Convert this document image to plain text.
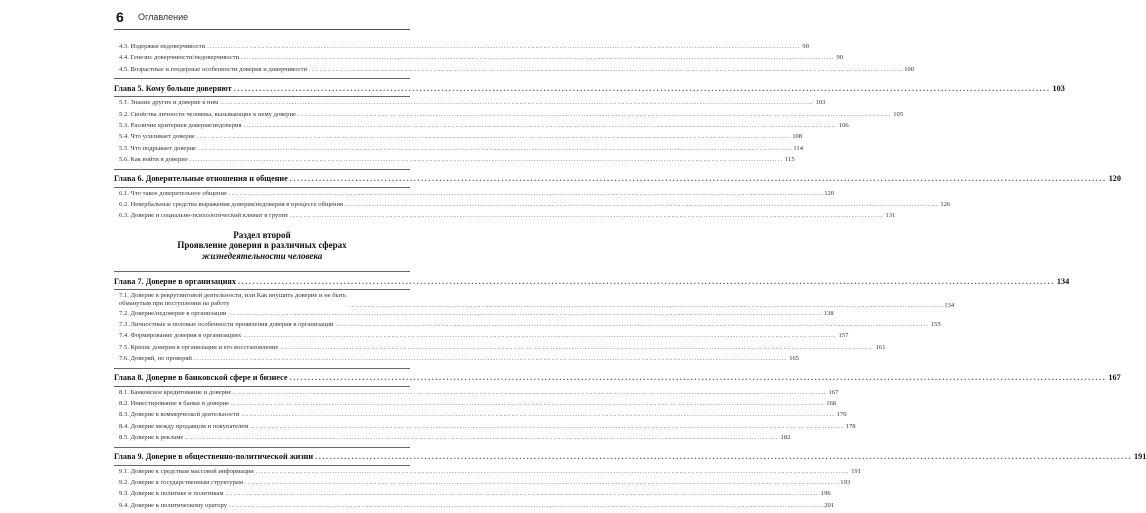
6 Оглавление
4.3. Издержки недоверчивости .....	90
4.4. Генезис доверчивости/недоверчивости .....	90
4.5. Возрастные и гендерные особенности доверия и доверчивости .....	100
Глава 5. Кому больше доверяют .....	103
5.1. Знание других и доверие к ним .....	103
5.2. Свойства личности человека, вызывающие к нему доверие .....	105
5.3. Различие критериев доверия/недоверия .....	106
5.4. Что усиливает доверие .....	108
5.5. Что подрывает доверие .....	114
5.6. Как войти в доверие .....	115
Глава 6. Доверительные отношения и общение .....	120
6.1. Что такое доверительное общение .....	120
6.2. Невербальные средства выражения доверия/недоверия в процессе общения .....	126
6.3. Доверие и социально-психологический климат в группе .....	131
Раздел второй
Проявление доверия в различных сферах
жизнедеятельности человека
Глава 7. Доверие в организациях .....	134
7.1. Доверие в рекрутинговой деятельности, или Как внушить доверие и не быть обманутым при поступлении на работу .....	134
7.2. Доверие/недоверие в организации .....	138
7.3. Личностные и половые особенности проявления доверия в организации .....	155
7.4. Формирование доверия в организациях .....	157
7.5. Кризис доверия в организации и его восстановление .....	161
7.6. Доверяй, но проверяй .....	165
Глава 8. Доверие в банковской сфере и бизнесе .....	167
8.1. Банковское кредитование и доверие .....	167
8.2. Инвестирование в банки и доверие .....	168
8.3. Доверие в коммерческой деятельности .....	170
8.4. Доверие между продавцом и покупателем .....	178
8.5. Доверие к рекламе .....	182
Глава 9. Доверие в общественно-политической жизни .....	191
9.1. Доверие к средствам массовой информации .....	191
9.2. Доверие к государственным структурам .....	193
9.3. Доверие к политике и политикам .....	196
9.4. Доверие к политическому оратору .....	201
